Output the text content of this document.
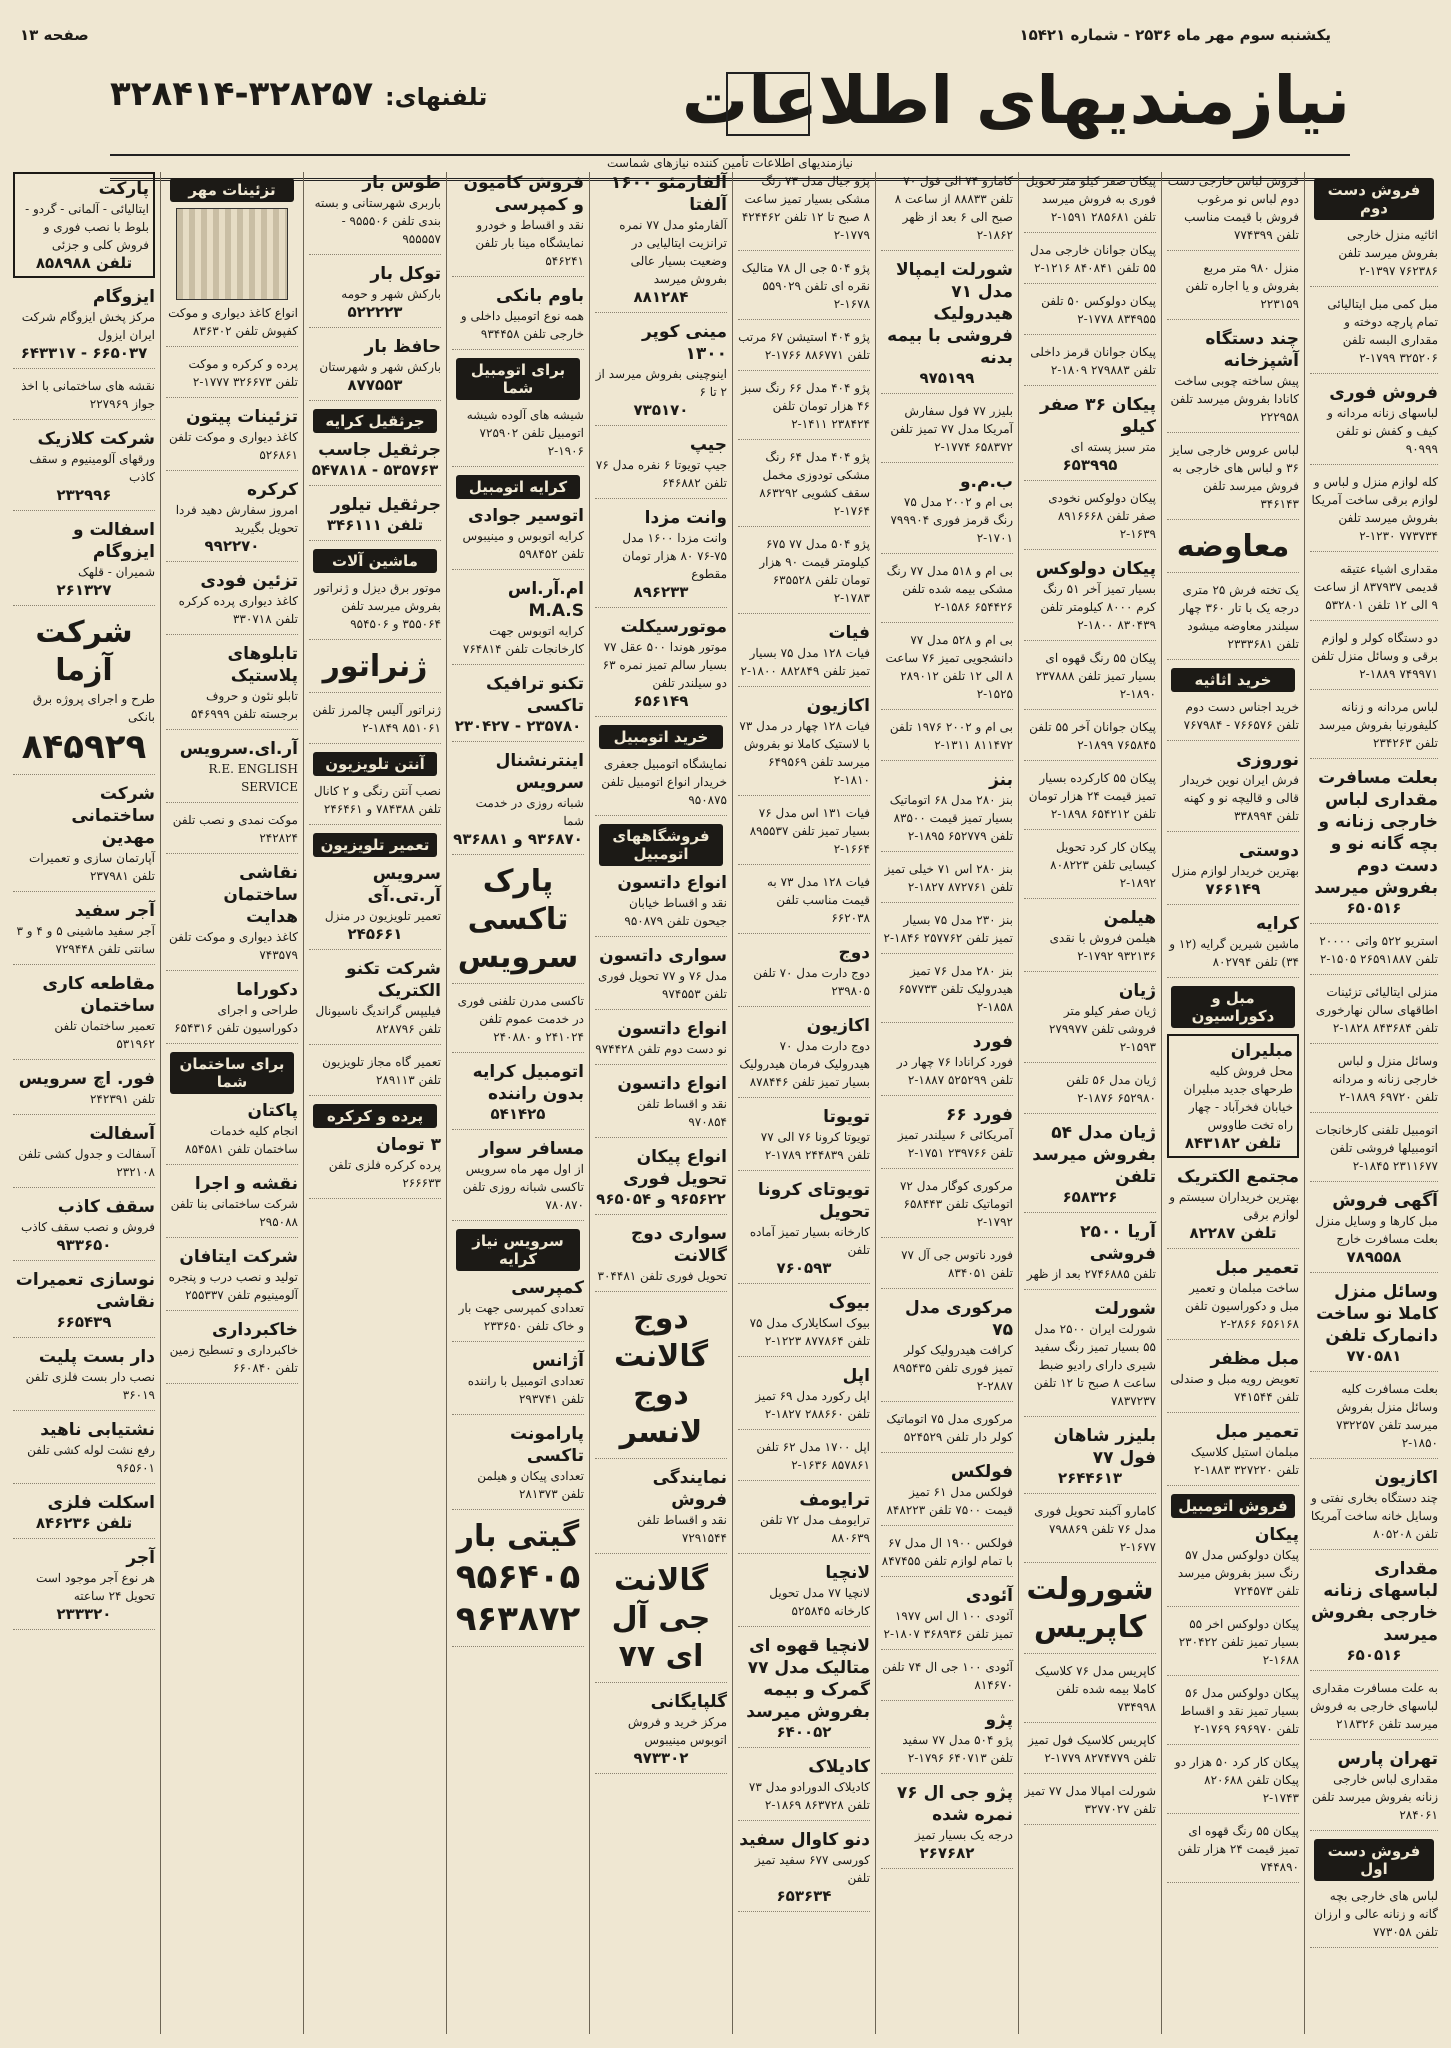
یکشنبه سوم مهر ماه ۲۵۳۶ - شماره ۱۵۴۲۱
صفحه ۱۳
نیازمندیهای اطلاعات
تلفنهای: ۳۲۸۲۵۷-۳۲۸۴۱۴
نیازمندیهای اطلاعات تأمین کننده نیازهای شماست
فروش دست دوم
اثاثیه منزل خارجی بفروش میرسد تلفن ۷۶۲۳۸۶ ۱۳۹۷-۲
مبل کمی مبل ایتالیائی تمام پارچه دوخته و مقداری البسه تلفن ۳۲۵۲۰۶ ۱۷۹۹-۲
فروش فوری
لباسهای زنانه مردانه و کیف و کفش نو تلفن ۹۰۹۹۹
کله لوازم منزل و لباس و لوازم برقی ساخت آمریکا بفروش میرسد تلفن ۷۷۳۷۳۴ ۱۲۳۰-۲
مقداری اشیاء عتیقه قدیمی ۸۳۷۹۳۷ از ساعت ۹ الی ۱۲ تلفن ۵۳۲۸۰۱
دو دستگاه کولر و لوازم برقی و وسائل منزل تلفن ۷۴۹۹۷۱ ۱۸۸۹-۲
لباس مردانه و زنانه کلیفورنیا بفروش میرسد تلفن ۲۳۴۲۶۳
بعلت مسافرت مقداری لباس خارجی زنانه و بچه گانه نو و دست دوم بفروش میرسد
۶۵۰۵۱۶
استریو ۵۲۲ واتی ۲۰۰۰۰ تلفن ۲۶۵۹۱۸۸۷ ۱۵۰۵-۲
منزلی ایتالیائی تزئینات اطاقهای سالن نهارخوری تلفن ۸۴۳۶۸۴ ۱۸۲۸-۲
وسائل منزل و لباس خارجی زنانه و مردانه تلفن ۶۹۷۲۰ ۱۸۸۹-۲
اتومبیل تلفنی کارخانجات اتومبیلها فروشی تلفن ۲۳۱۱۶۷۷ ۱۸۴۵-۲
آگهی فروش
مبل کارها و وسایل منزل بعلت مسافرت خارج
۷۸۹۵۵۸
وسائل منزل کاملا نو ساخت دانمارک تلفن
۷۷۰۵۸۱
بعلت مسافرت کلیه وسائل منزل بفروش میرسد تلفن ۷۳۲۲۵۷ ۱۸۵۰-۲
اکازیون
چند دستگاه بخاری نفتی و وسایل خانه ساخت آمریکا تلفن ۸۰۵۲۰۸
مقداری لباسهای زنانه خارجی بفروش میرسد
۶۵۰۵۱۶
به علت مسافرت مقداری لباسهای خارجی به فروش میرسد تلفن ۲۱۸۳۲۶
تهران پارس
مقداری لباس خارجی زنانه بفروش میرسد تلفن ۲۸۴۰۶۱
فروش دست اول
لباس های خارجی بچه گانه و زنانه عالی و ارزان تلفن ۷۷۳۰۵۸
فروش لباس خارجی دست دوم لباس نو مرغوب فروش با قیمت مناسب تلفن ۷۷۴۳۹۹
منزل ۹۸۰ متر مربع بفروش و یا اجاره تلفن ۲۲۳۱۵۹
چند دستگاه آشپزخانه
پیش ساخته چوبی ساخت کانادا بفروش میرسد تلفن ۲۲۲۹۵۸
لباس عروس خارجی سایز ۳۶ و لباس های خارجی به فروش میرسد تلفن ۳۴۶۱۴۳
معاوضه
یک تخته فرش ۲۵ متری درجه یک با تار ۳۶۰ چهار سیلندر معاوضه میشود تلفن ۲۳۳۳۶۸۱
خرید اثاثیه
خرید اجناس دست دوم تلفن ۷۶۶۵۷۶ - ۷۶۷۹۸۴
نوروزی
فرش ایران نوین خریدار قالی و قالیچه نو و کهنه تلفن ۳۳۸۹۹۴
دوستی
بهترین خریدار لوازم منزل
۷۶۶۱۴۹
کرایه
ماشین شیرین گرایه (۱۲ و ۳۴) تلفن ۸۰۲۷۹۴
مبل و دکوراسیون
مبلیران
محل فروش کلیه طرحهای جدید مبلیران خیابان فخرآباد - چهار راه تخت طاووس
تلفن ۸۴۳۱۸۲
مجتمع الکتریک
بهترین خریداران سیستم و لوازم برقی
تلفن ۸۲۲۸۷
تعمیر مبل
ساخت مبلمان و تعمیر مبل و دکوراسیون تلفن ۶۵۶۱۶۸ ۲۸۶۶-۲
مبل مظفر
تعویض رویه مبل و صندلی تلفن ۷۴۱۵۴۴
تعمیر مبل
مبلمان استیل کلاسیک تلفن ۳۲۷۲۲۰ ۱۸۸۳-۲
فروش اتومبیل
پیکان
پیکان دولوکس مدل ۵۷ رنگ سبز بفروش میرسد تلفن ۷۲۴۵۷۳
پیکان دولوکس اخر ۵۵ بسیار تمیز تلفن ۲۳۰۴۲۲ ۱۶۸۸-۲
پیکان دولوکس مدل ۵۶ بسیار تمیز نقد و اقساط تلفن ۶۹۶۹۷۰ ۱۷۶۹-۲
پیکان کار کرد ۵۰ هزار دو پیکان تلفن ۸۲۰۶۸۸ ۱۷۴۳-۲
پیکان ۵۵ رنگ قهوه ای تمیز قیمت ۲۴ هزار تلفن ۷۴۴۸۹۰
پیکان صفر کیلو متر تحویل فوری به فروش میرسد تلفن ۲۸۵۶۸۱ ۱۵۹۱-۲
پیکان جوانان خارجی مدل ۵۵ تلفن ۸۴۰۸۴۱ ۱۲۱۶-۲
پیکان دولوکس ۵۰ تلفن ۸۳۴۹۵۵ ۱۷۷۸-۲
پیکان جوانان قرمز داخلی تلفن ۲۷۹۸۸۳ ۱۸۰۹-۲
پیکان ۳۶ صفر کیلو
متر سبز پسته ای
۶۵۳۹۹۵
پیکان دولوکس نخودی صفر تلفن ۸۹۱۶۶۶۸ ۱۶۳۹-۲
پیکان دولوکس
بسیار تمیز آخر ۵۱ رنگ کرم ۸۰۰۰ کیلومتر تلفن ۸۳۰۴۳۹ ۱۸۰۰-۲
پیکان ۵۵ رنگ قهوه ای بسیار تمیز تلفن ۲۳۷۸۸۸ ۱۸۹۰-۲
پیکان جوانان آخر ۵۵ تلفن ۷۶۵۸۴۵ ۱۸۹۹-۲
پیکان ۵۵ کارکرده بسیار تمیز قیمت ۲۴ هزار تومان تلفن ۶۵۴۲۱۲ ۱۸۹۸-۲
پیکان کار کرد تحویل کیسایی تلفن ۸۰۸۲۲۳ ۱۸۹۲-۲
هیلمن
هیلمن فروش با نقدی ۹۳۲۱۳۶ ۱۷۹۲-۲
ژیان
ژیان صفر کیلو متر فروشی تلفن ۲۷۹۹۷۷ ۱۵۹۳-۲
ژیان مدل ۵۶ تلفن ۶۵۲۹۸۰ ۱۸۷۶-۲
ژیان مدل ۵۴ بفروش میرسد تلفن
۶۵۸۳۲۶
آریا ۲۵۰۰ فروشی
تلفن ۲۷۴۶۸۸۵ بعد از ظهر
شورلت
شورلت ایران ۲۵۰۰ مدل ۵۵ بسیار تمیز رنگ سفید شیری دارای رادیو ضبط ساعت ۸ صبح تا ۱۲ تلفن ۷۸۳۷۲۳۷
بلیزر شاهان فول ۷۷
۲۶۴۴۶۱۳
کامارو آکبند تحویل فوری مدل ۷۶ تلفن ۷۹۸۸۶۹ ۱۶۷۷-۲
شورولت کاپریس
کاپریس مدل ۷۶ کلاسیک کاملا بیمه شده تلفن ۷۳۴۹۹۸
کاپریس کلاسیک فول تمیز تلفن ۸۲۷۴۷۷۹ ۱۷۷۹-۲
شورلت امپالا مدل ۷۷ تمیز تلفن ۳۲۷۷۰۲۷
کامارو ۷۴ الی فول ۷۰ تلفن ۸۸۸۳۳ از ساعت ۸ صبح الی ۶ بعد از ظهر ۱۸۶۲-۲
شورلت ایمپالا مدل ۷۱ هیدرولیک فروشی با بیمه بدنه
۹۷۵۱۹۹
بلیزر ۷۷ فول سفارش آمریکا مدل ۷۷ تمیز تلفن ۶۵۸۳۷۲ ۱۷۷۴-۲
ب.م.و
بی ام و ۲۰۰۲ مدل ۷۵ رنگ قرمز فوری ۷۹۹۹۰۴ ۱۷۰۱-۲
بی ام و ۵۱۸ مدل ۷۷ رنگ مشکی بیمه شده تلفن ۶۵۴۴۲۶ ۱۵۸۶-۲
بی ام و ۵۲۸ مدل ۷۷ دانشجویی تمیز ۷۶ ساعت ۸ الی ۱۲ تلفن ۲۸۹۰۱۲ ۱۵۲۵-۲
بی ام و ۲۰۰۲ ۱۹۷۶ تلفن ۸۱۱۴۷۲ ۱۳۱۱-۲
بنز
بنز ۲۸۰ مدل ۶۸ اتوماتیک بسیار تمیز قیمت ۸۳۵۰۰ تلفن ۶۵۲۷۷۹ ۱۸۹۵-۲
بنز ۲۸۰ اس ۷۱ خیلی تمیز تلفن ۸۷۲۷۶۱ ۱۸۲۷-۲
بنز ۲۳۰ مدل ۷۵ بسیار تمیز تلفن ۲۵۷۷۶۲ ۱۸۴۶-۲
بنز ۲۸۰ مدل ۷۶ تمیز هیدرولیک تلفن ۶۵۷۷۳۳ ۱۸۵۸-۲
فورد
فورد کرانادا ۷۶ چهار در تلفن ۵۲۵۲۹۹ ۱۸۸۷-۲
فورد ۶۶
آمریکائی ۶ سیلندر تمیز تلفن ۲۳۹۷۶۶ ۱۷۵۱-۲
مرکوری کوگار مدل ۷۲ اتوماتیک تلفن ۶۵۸۴۴۳ ۱۷۹۲-۲
فورد ناتوس جی آل ۷۷ تلفن ۸۳۴۰۵۱
مرکوری مدل ۷۵
کرافت هیدرولیک کولر تمیز فوری تلفن ۸۹۵۴۳۵ ۲۸۸۷-۲
مرکوری مدل ۷۵ اتوماتیک کولر دار تلفن ۵۲۴۵۲۹
فولکس
فولکس مدل ۶۱ تمیز قیمت ۷۵۰۰ تلفن ۸۴۸۲۲۳
فولکس ۱۹۰۰ ال مدل ۶۷ با تمام لوازم تلفن ۸۴۷۴۵۵
آئودی
آئودی ۱۰۰ ال اس ۱۹۷۷ تمیز تلفن ۳۶۸۹۳۶ ۱۸۰۷-۲
آئودی ۱۰۰ جی ال ۷۴ تلفن ۸۱۴۶۷۰
پژو
پژو ۵۰۴ مدل ۷۷ سفید تلفن ۶۴۰۷۱۳ ۱۷۹۶-۲
پژو جی ال ۷۶ نمره شده
درجه یک بسیار تمیز
۲۶۷۶۸۲
پژو جیال مدل ۷۳ رنگ مشکی بسیار تمیز ساعت ۸ صبح تا ۱۲ تلفن ۴۲۴۴۶۲ ۱۷۷۹-۲
پژو ۵۰۴ جی ال ۷۸ متالیک نقره ای تلفن ۵۵۹۰۲۹ ۱۶۷۸-۲
پژو ۴۰۴ استیشن ۶۷ مرتب تلفن ۸۸۶۷۷۱ ۱۷۶۶-۲
پژو ۴۰۴ مدل ۶۶ رنگ سبز ۴۶ هزار تومان تلفن ۲۳۸۴۲۴ ۱۴۱۱-۲
پژو ۴۰۴ مدل ۶۴ رنگ مشکی تودوزی مخمل سقف کشویی ۸۶۳۲۹۲ ۱۷۶۴-۲
پژو ۵۰۴ مدل ۷۷ ۶۷۵ کیلومتر قیمت ۹۰ هزار تومان تلفن ۶۳۵۵۲۸ ۱۷۸۳-۲
فیات
فیات ۱۲۸ مدل ۷۵ بسیار تمیز تلفن ۸۸۲۸۴۹ ۱۸۰۰-۲
اکازیون
فیات ۱۲۸ چهار در مدل ۷۳ با لاستیک کاملا نو بفروش میرسد تلفن ۶۴۹۵۶۹ ۱۸۱۰-۲
فیات ۱۳۱ اس مدل ۷۶ بسیار تمیز تلفن ۸۹۵۵۳۷ ۱۶۶۴-۲
فیات ۱۲۸ مدل ۷۳ به قیمت مناسب تلفن ۶۶۲۰۳۸
دوج
دوج دارت مدل ۷۰ تلفن ۲۳۹۸۰۵
اکازیون
دوج دارت مدل ۷۰ هیدرولیک فرمان هیدرولیک بسیار تمیز تلفن ۸۷۸۴۴۶
تویوتا
تویوتا کرونا ۷۶ الی ۷۷ تلفن ۲۴۴۸۳۹ ۱۷۸۹-۲
تویوتای کرونا تحویل
کارخانه بسیار تمیز آماده تلفن
۷۶۰۵۹۳
بیوک
بیوک اسکایلارک مدل ۷۵ تلفن ۸۷۷۸۶۴ ۱۲۲۳-۲
اپل
اپل رکورد مدل ۶۹ تمیز تلفن ۲۸۸۶۶۰ ۱۸۲۷-۲
اپل ۱۷۰۰ مدل ۶۲ تلفن ۸۵۷۸۶۱ ۱۶۳۶-۲
ترایومف
ترایومف مدل ۷۲ تلفن ۸۸۰۶۳۹
لانچیا
لانچیا ۷۷ مدل تحویل کارخانه ۵۲۵۸۴۵
لانچیا قهوه ای متالیک مدل ۷۷ گمرک و بیمه بفروش میرسد
۶۴۰۰۵۲
کادیلاک
کادیلاک الدورادو مدل ۷۳ تلفن ۸۶۳۷۲۸ ۱۸۶۹-۲
دنو کاوال سفید
کورسی ۶۷۷ سفید تمیز تلفن
۶۵۳۶۳۴
آلفارمئو ۱۶۰۰ آلفتا
آلفارمئو مدل ۷۷ نمره ترانزیت ایتالیایی در وضعیت بسیار عالی بفروش میرسد
۸۸۱۲۸۴
مینی کوپر ۱۳۰۰
اینوچینی بفروش میرسد از ۲ تا ۶
۷۳۵۱۷۰
جیپ
جیپ تویوتا ۶ نفره مدل ۷۶ تلفن ۶۴۶۸۸۲
وانت مزدا
وانت مزدا ۱۶۰۰ مدل ۷۵-۷۶ ۸۰ هزار تومان مقطوع
۸۹۶۲۳۳
موتورسیکلت
موتور هوندا ۵۰۰ عقل ۷۷ بسیار سالم تمیز نمره ۶۳ دو سیلندر تلفن
۶۵۶۱۴۹
خرید اتومبیل
نمایشگاه اتومبیل جعفری خریدار انواع اتومبیل تلفن ۹۵۰۸۷۵
فروشگاههای اتومبیل
انواع داتسون
نقد و اقساط خیابان جیحون تلفن ۹۵۰۸۷۹
سواری داتسون
مدل ۷۶ و ۷۷ تحویل فوری تلفن ۹۷۴۵۵۳
انواع داتسون
نو دست دوم تلفن ۹۷۴۴۲۸
انواع داتسون
نقد و اقساط تلفن ۹۷۰۸۵۴
انواع پیکان تحویل فوری
۹۶۵۶۲۲ و ۹۶۵۰۵۴
سواری دوج گالانت
تحویل فوری تلفن ۳۰۴۴۸۱
دوج گالانت دوج لانسر
نمایندگی فروش
نقد و اقساط تلفن ۷۲۹۱۵۴۴
گالانت جی آل ای ۷۷
گلپایگانی
مرکز خرید و فروش اتوبوس مینیبوس
۹۷۳۳۰۲
فروش کامیون و کمپرسی
نقد و اقساط و خودرو نمایشگاه مینا بار تلفن ۵۴۶۲۴۱
باوم بانکی
همه نوع اتومبیل داخلی و خارجی تلفن ۹۳۴۴۵۸
برای اتومبیل شما
شیشه های آلوده شیشه اتومبیل تلفن ۷۲۵۹۰۲ ۱۹۰۶-۲
کرایه اتومبیل
اتوسیر جوادی
کرایه اتوبوس و مینیبوس تلفن ۵۹۸۴۵۲
ام.آر.اس M.A.S
کرایه اتوبوس جهت کارخانجات تلفن ۷۶۴۸۱۴
تکنو ترافیک تاکسی
۲۳۵۷۸۰ - ۲۳۰۴۲۷
اینترنشنال سرویس
شبانه روزی در خدمت شما
۹۳۶۸۷۰ و ۹۳۶۸۸۱
پارک تاکسی سرویس
تاکسی مدرن تلفنی فوری در خدمت عموم تلفن ۲۴۱۰۲۴ و ۲۴۰۸۸۰
اتومبیل کرایه بدون راننده
۵۴۱۴۲۵
مسافر سوار
از اول مهر ماه سرویس تاکسی شبانه روزی تلفن ۷۸۰۸۷۰
سرویس نیاز کرایه
کمپرسی
تعدادی کمپرسی جهت بار و خاک تلفن ۲۳۳۶۵۰
آژانس
تعدادی اتومبیل با راننده تلفن ۲۹۳۷۴۱
پارامونت تاکسی
تعدادی پیکان و هیلمن تلفن ۲۸۱۳۷۳
گیتی بار
۹۵۶۴۰۵ ۹۶۳۸۷۲
طوس بار
باربری شهرستانی و بسته بندی تلفن ۹۵۵۵۰۶ - ۹۵۵۵۵۷
توکل بار
بارکش شهر و حومه
۵۲۲۲۲۳
حافظ بار
بارکش شهر و شهرستان
۸۷۷۵۵۳
جرثقیل کرایه
جرثقیل جاسب
۵۳۵۷۶۳ - ۵۴۷۸۱۸
جرثقیل تیلور
تلفن ۳۴۶۱۱۱
ماشین آلات
موتور برق دیزل و ژنراتور بفروش میرسد تلفن ۳۵۵۰۶۴ و ۹۵۴۵۰۶
ژنراتور
ژنراتور آلیس چالمرز تلفن ۸۵۱۰۶۱ ۱۸۴۹-۲
آنتن تلویزیون
نصب آنتن رنگی و ۲ کانال تلفن ۷۸۴۳۸۸ و ۲۴۶۴۶۱
تعمیر تلویزیون
سرویس آر.تی.آی
تعمیر تلویزیون در منزل
۲۴۵۶۶۱
شرکت تکنو الکتریک
فیلیپس گراندیگ ناسیونال تلفن ۸۲۸۷۹۶
تعمیر گاه مجاز تلویزیون تلفن ۲۸۹۱۱۳
پرده و کرکره
۳ تومان
پرده کرکره فلزی تلفن ۲۶۶۶۳۳
تزئینات مهر
انواع کاغذ دیواری و موکت کفپوش تلفن ۸۳۶۳۰۲
پرده و کرکره و موکت تلفن ۳۲۶۶۷۳ ۱۷۷۷-۲
تزئینات پیتون
کاغذ دیواری و موکت تلفن ۵۲۶۸۶۱
کرکره
امروز سفارش دهید فردا تحویل بگیرید
۹۹۲۲۷۰
تزئین فودی
کاغذ دیواری پرده کرکره تلفن ۳۳۰۷۱۸
تابلوهای پلاستیک
تابلو نئون و حروف برجسته تلفن ۵۴۶۹۹۹
آر.ای.سرویس
R.E. ENGLISH SERVICE
موکت نمدی و نصب تلفن ۲۴۲۸۲۴
نقاشی ساختمان هدایت
کاغذ دیواری و موکت تلفن ۷۴۳۵۷۹
دکوراما
طراحی و اجرای دکوراسیون تلفن ۶۵۴۳۱۶
برای ساختمان شما
پاکتان
انجام کلیه خدمات ساختمان تلفن ۸۵۴۵۸۱
نقشه و اجرا
شرکت ساختمانی بنا تلفن ۲۹۵۰۸۸
شرکت ایتافان
تولید و نصب درب و پنجره آلومینیوم تلفن ۲۵۵۳۳۷
خاکبرداری
خاکبرداری و تسطیح زمین تلفن ۶۶۰۸۴۰
پارکت
ایتالیائی - آلمانی - گردو - بلوط با نصب فوری و فروش کلی و جزئی
تلفن ۸۵۸۹۸۸
ایزوگام
مرکز پخش ایزوگام شرکت ایران ایزول
۶۶۵۰۳۷ - ۶۴۳۳۱۷
نقشه های ساختمانی با اخذ جواز ۲۲۷۹۶۹
شرکت کلازیک
ورقهای آلومینیوم و سقف کاذب
۲۳۲۹۹۶
اسفالت و ایزوگام
شمیران - قلهک
۲۶۱۳۲۷
شرکت آزما
طرح و اجرای پروژه برق بانکی
۸۴۵۹۲۹
شرکت ساختمانی مهدین
آپارتمان سازی و تعمیرات تلفن ۲۳۷۹۸۱
آجر سفید
آجر سفید ماشینی ۵ و ۴ و ۳ سانتی تلفن ۷۲۹۴۴۸
مقاطعه کاری ساختمان
تعمیر ساختمان تلفن ۵۳۱۹۶۲
فور. اچ سرویس
تلفن ۲۴۲۳۹۱
آسفالت
آسفالت و جدول کشی تلفن ۲۳۲۱۰۸
سقف کاذب
فروش و نصب سقف کاذب
۹۳۳۶۵۰
نوسازی تعمیرات نقاشی
۶۶۵۴۳۹
دار بست پلیت
نصب دار بست فلزی تلفن ۳۶۰۱۹
نشتیابی ناهید
رفع نشت لوله کشی تلفن ۹۶۵۶۰۱
اسکلت فلزی
تلفن ۸۴۶۲۳۶
آجر
هر نوع آجر موجود است تحویل ۲۴ ساعته
۲۳۳۳۲۰
